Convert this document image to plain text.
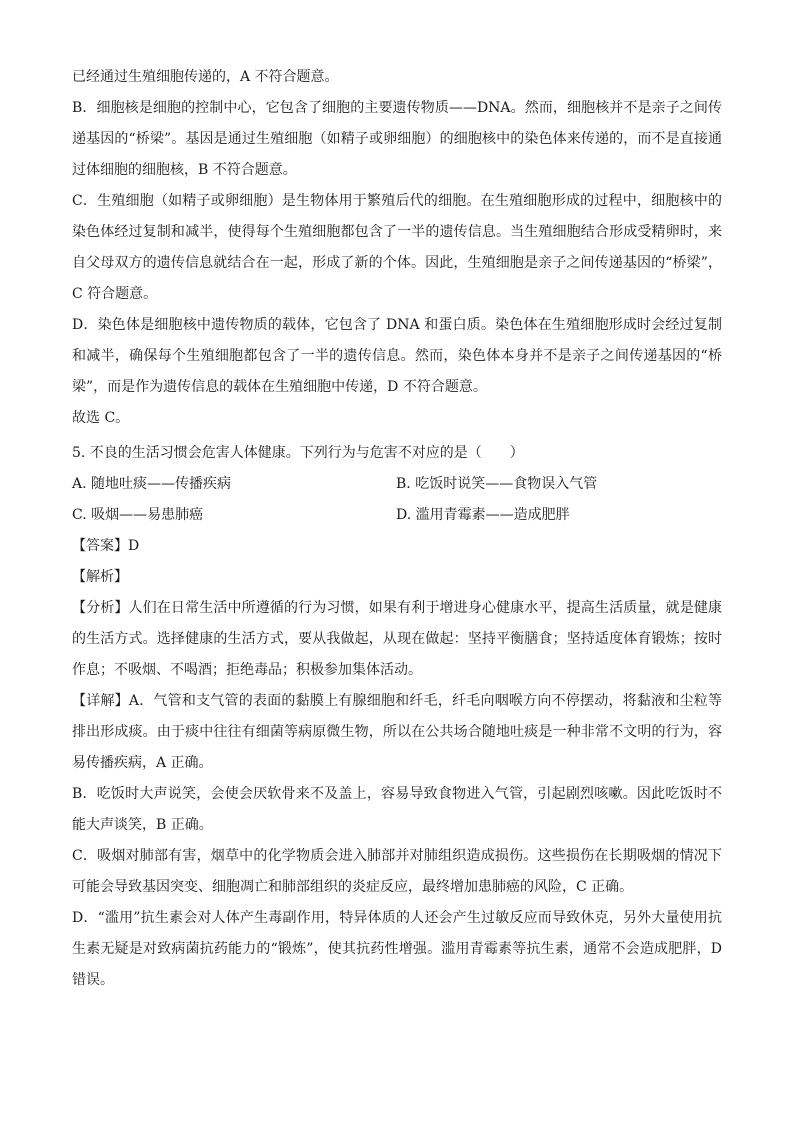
已经通过生殖细胞传递的，A 不符合题意。

B．细胞核是细胞的控制中心，它包含了细胞的主要遗传物质——DNA。然而，细胞核并不是亲子之间传递基因的“桥梁”。基因是通过生殖细胞（如精子或卵细胞）的细胞核中的染色体来传递的，而不是直接通过体细胞的细胞核，B 不符合题意。

C．生殖细胞（如精子或卵细胞）是生物体用于繁殖后代的细胞。在生殖细胞形成的过程中，细胞核中的染色体经过复制和减半，使得每个生殖细胞都包含了一半的遗传信息。当生殖细胞结合形成受精卵时，来自父母双方的遗传信息就结合在一起，形成了新的个体。因此，生殖细胞是亲子之间传递基因的“桥梁”，C 符合题意。

D．染色体是细胞核中遗传物质的载体，它包含了 DNA 和蛋白质。染色体在生殖细胞形成时会经过复制和减半，确保每个生殖细胞都包含了一半的遗传信息。然而，染色体本身并不是亲子之间传递基因的“桥梁”，而是作为遗传信息的载体在生殖细胞中传递，D 不符合题意。

故选 C。

5. 不良的生活习惯会危害人体健康。下列行为与危害不对应的是（　　）

A. 随地吐痰——传播疾病	B. 吃饭时说笑——食物误入气管
C. 吸烟——易患肺癌	D. 滥用青霉素——造成肥胖

【答案】D

【解析】

【分析】人们在日常生活中所遵循的行为习惯，如果有利于增进身心健康水平，提高生活质量，就是健康的生活方式。选择健康的生活方式，要从我做起，从现在做起：坚持平衡膳食；坚持适度体育锻炼；按时作息；不吸烟、不喝酒；拒绝毒品；积极参加集体活动。

【详解】A．气管和支气管的表面的黏膜上有腺细胞和纤毛，纤毛向咽喉方向不停摆动，将黏液和尘粒等排出形成痰。由于痰中往往有细菌等病原微生物，所以在公共场合随地吐痰是一种非常不文明的行为，容易传播疾病，A 正确。

B．吃饭时大声说笑，会使会厌软骨来不及盖上，容易导致食物进入气管，引起剧烈咳嗽。因此吃饭时不能大声谈笑，B 正确。

C．吸烟对肺部有害，烟草中的化学物质会进入肺部并对肺组织造成损伤。这些损伤在长期吸烟的情况下可能会导致基因突变、细胞凋亡和肺部组织的炎症反应，最终增加患肺癌的风险，C 正确。

D．“滥用”抗生素会对人体产生毒副作用，特异体质的人还会产生过敏反应而导致休克，另外大量使用抗生素无疑是对致病菌抗药能力的“锻炼”，使其抗药性增强。滥用青霉素等抗生素，通常不会造成肥胖，D 错误。
